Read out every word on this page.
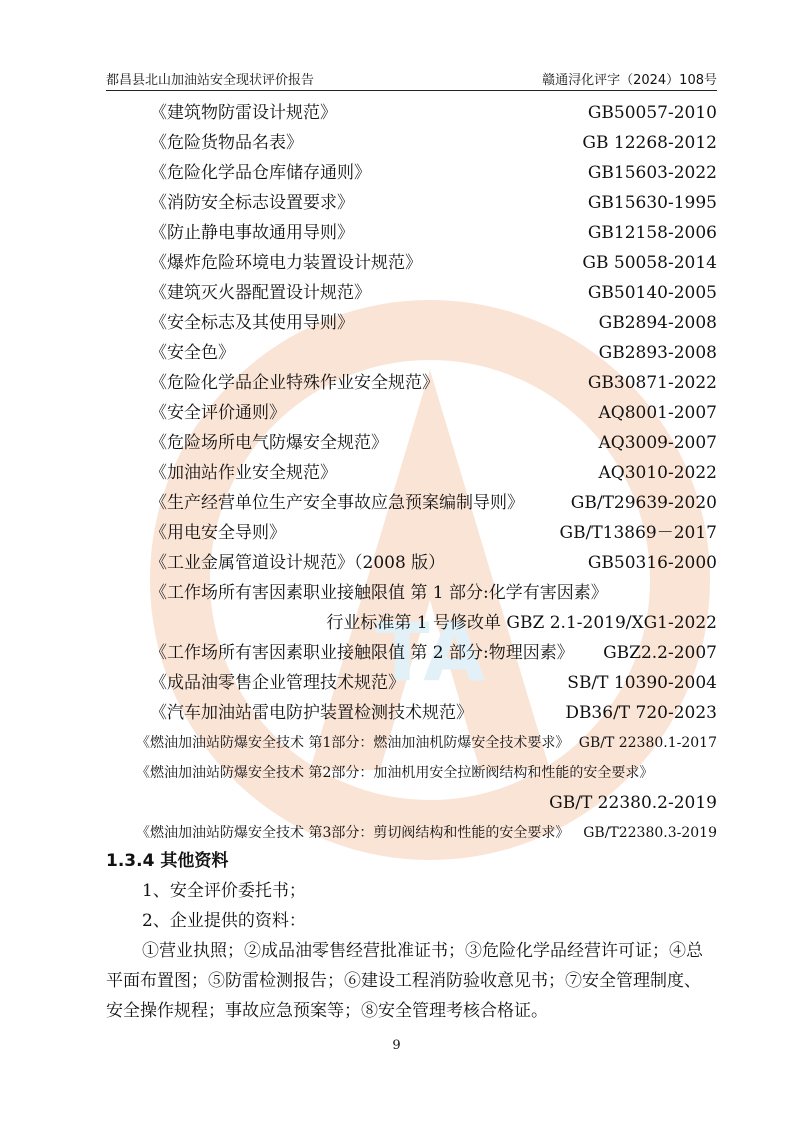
都昌县北山加油站安全现状评价报告	赣通浔化评字（2024）108号
TA
《建筑物防雷设计规范》	GB50057-2010
《危险货物品名表》	GB 12268-2012
《危险化学品仓库储存通则》	GB15603-2022
《消防安全标志设置要求》	GB15630-1995
《防止静电事故通用导则》	GB12158-2006
《爆炸危险环境电力装置设计规范》	GB 50058-2014
《建筑灭火器配置设计规范》	GB50140-2005
《安全标志及其使用导则》	GB2894-2008
《安全色》	GB2893-2008
《危险化学品企业特殊作业安全规范》	GB30871-2022
《安全评价通则》	AQ8001-2007
《危险场所电气防爆安全规范》	AQ3009-2007
《加油站作业安全规范》	AQ3010-2022
《生产经营单位生产安全事故应急预案编制导则》	GB/T29639-2020
《用电安全导则》	GB/T13869－2017
《工业金属管道设计规范》（2008 版）	GB50316-2000
《工作场所有害因素职业接触限值 第 1 部分:化学有害因素》
行业标准第 1 号修改单 GBZ 2.1-2019/XG1-2022
《工作场所有害因素职业接触限值 第 2 部分:物理因素》 GBZ2.2-2007
《成品油零售企业管理技术规范》	SB/T 10390-2004
《汽车加油站雷电防护装置检测技术规范》	DB36/T 720-2023
《燃油加油站防爆安全技术 第1部分：燃油加油机防爆安全技术要求》 GB/T 22380.1-2017
《燃油加油站防爆安全技术 第2部分：加油机用安全拉断阀结构和性能的安全要求》
GB/T 22380.2-2019
《燃油加油站防爆安全技术 第3部分：剪切阀结构和性能的安全要求》 GB/T22380.3-2019
1.3.4 其他资料
1、安全评价委托书；
2、企业提供的资料：
①营业执照；②成品油零售经营批准证书；③危险化学品经营许可证；④总平面布置图；⑤防雷检测报告；⑥建设工程消防验收意见书；⑦安全管理制度、安全操作规程；事故应急预案等；⑧安全管理考核合格证。
9
